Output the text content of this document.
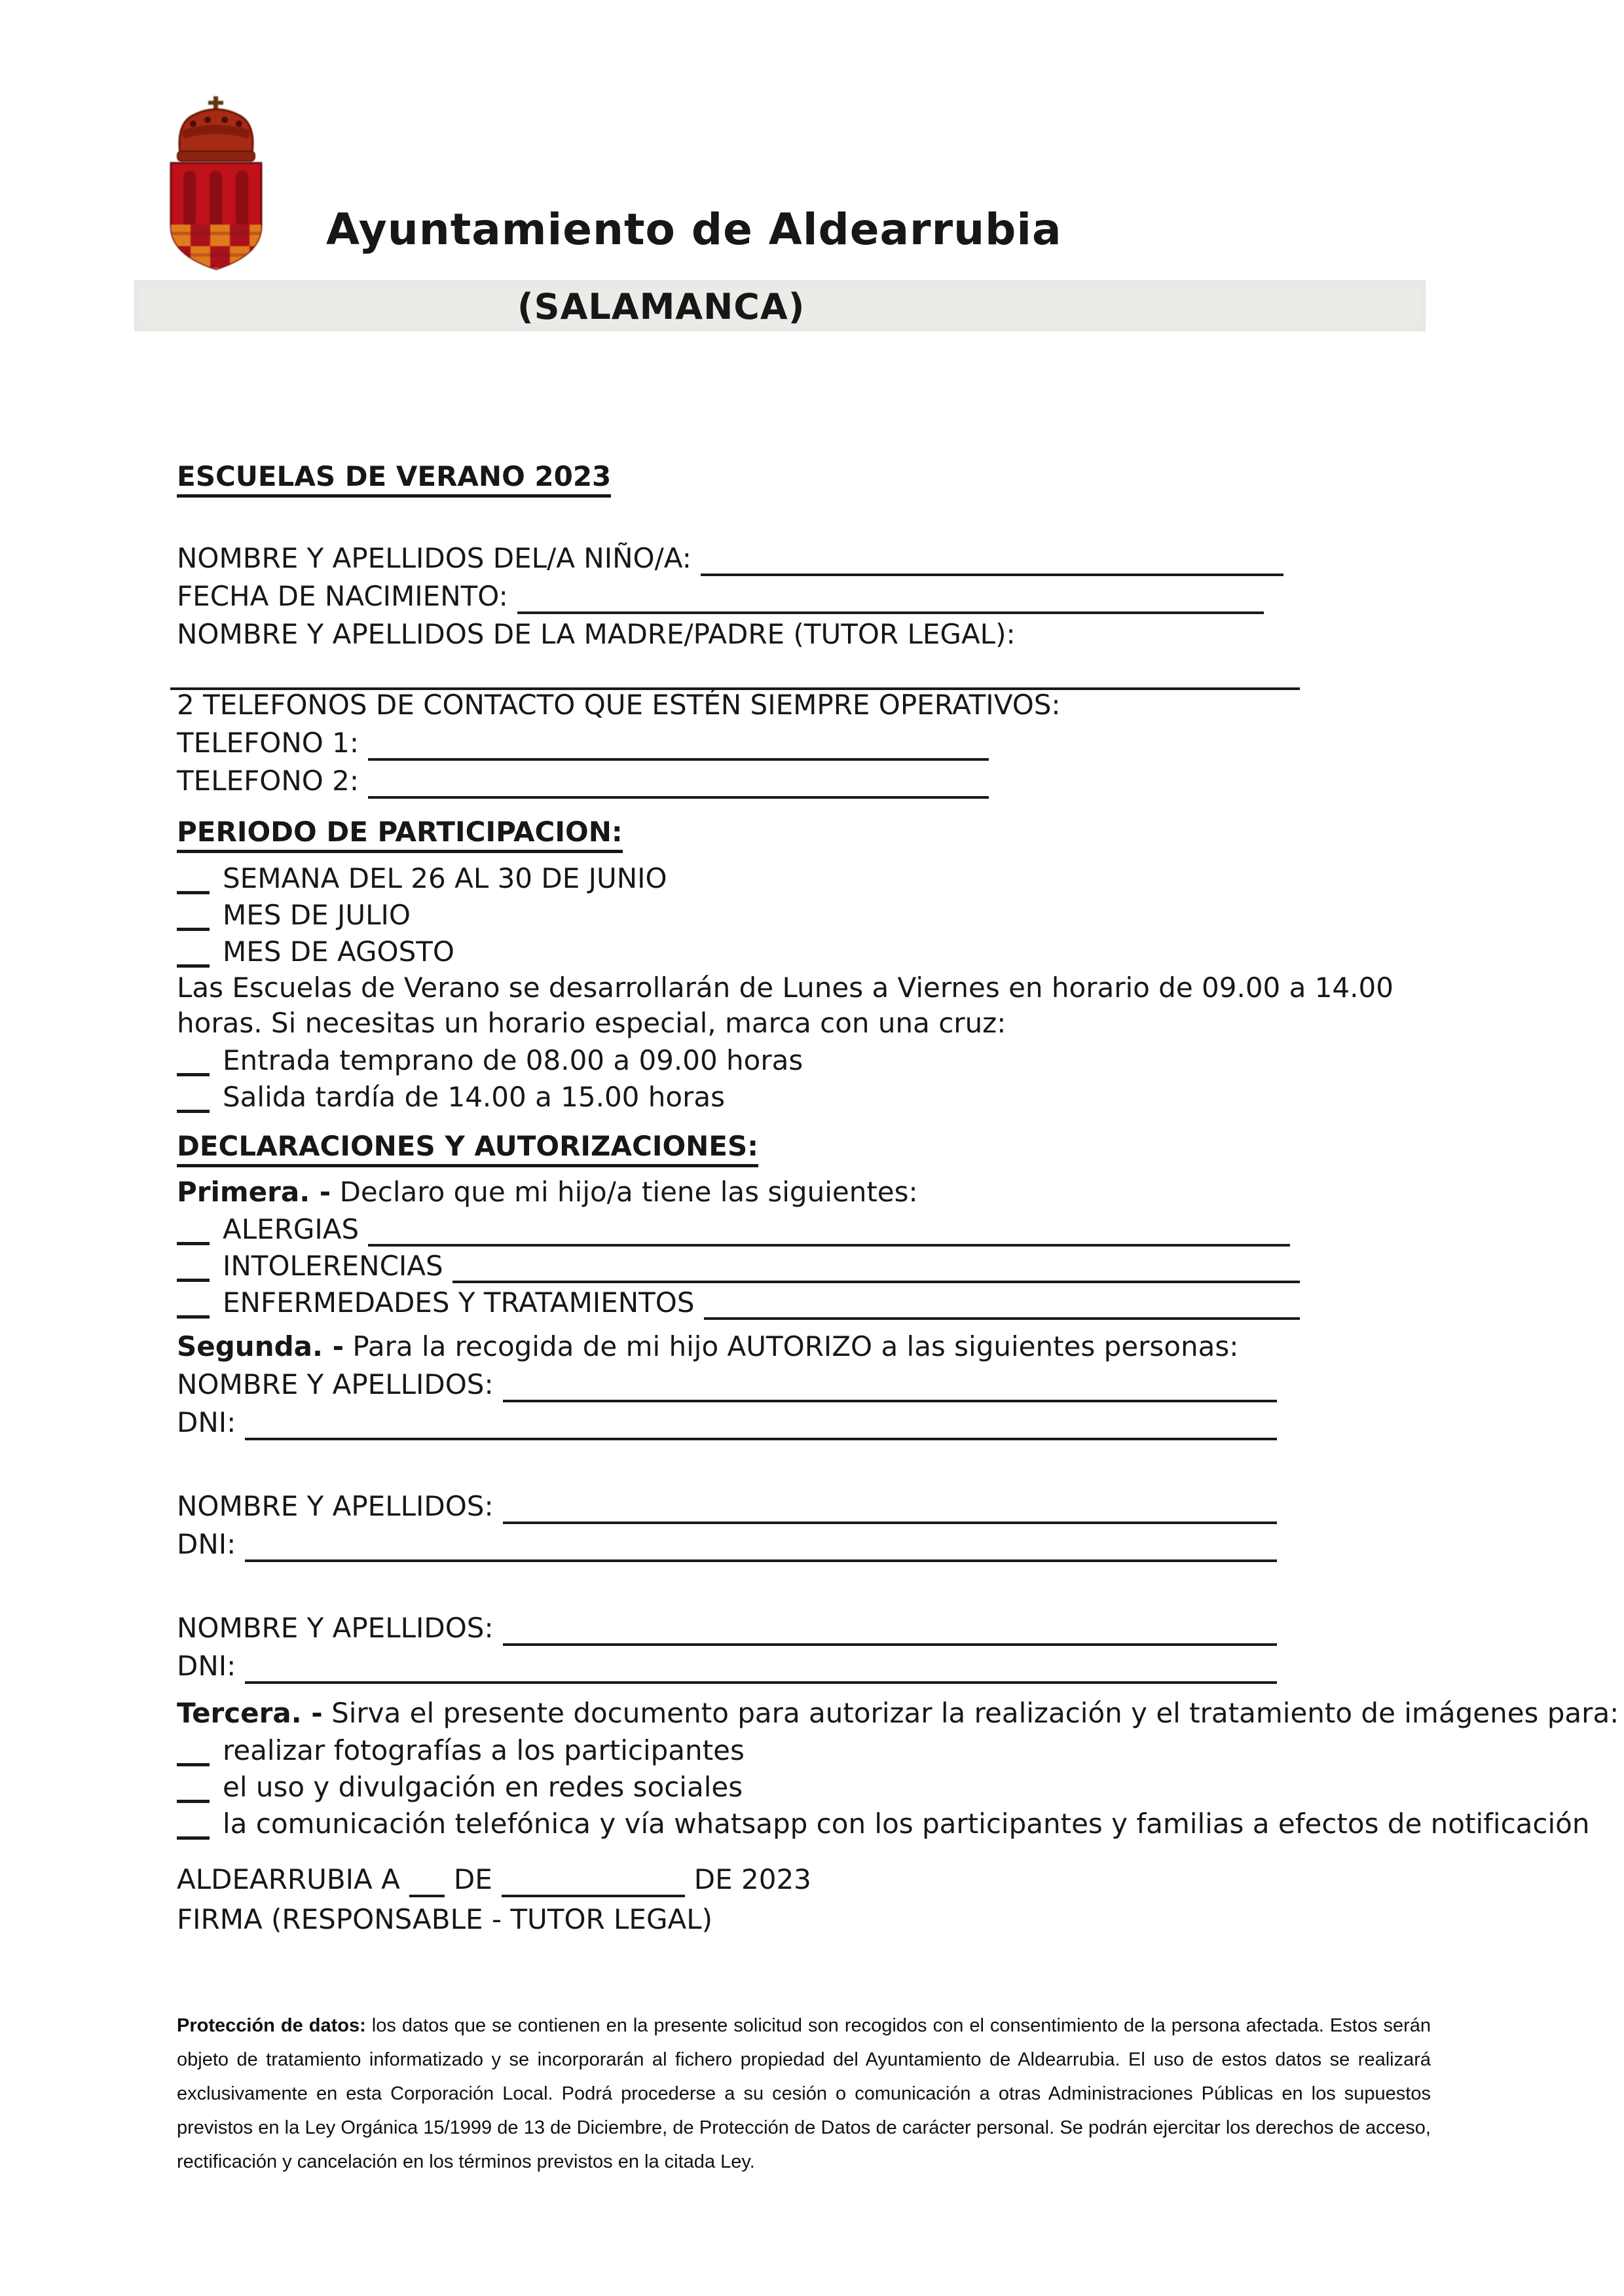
Ayuntamiento de Aldearrubia
(SALAMANCA)
ESCUELAS DE VERANO 2023
NOMBRE Y APELLIDOS DEL/A NIÑO/A:
FECHA DE NACIMIENTO:
NOMBRE Y APELLIDOS DE LA MADRE/PADRE (TUTOR LEGAL):
2 TELEFONOS DE CONTACTO QUE ESTÉN SIEMPRE OPERATIVOS:
TELEFONO 1:
TELEFONO 2:
PERIODO DE PARTICIPACION:
SEMANA DEL 26 AL 30 DE JUNIO
MES DE JULIO
MES DE AGOSTO
Las Escuelas de Verano se desarrollarán de Lunes a Viernes en horario de 09.00 a 14.00 horas. Si necesitas un horario especial, marca con una cruz:
Entrada temprano de 08.00 a 09.00 horas
Salida tardía de 14.00 a 15.00 horas
DECLARACIONES Y AUTORIZACIONES:
Primera. - Declaro que mi hijo/a tiene las siguientes:
ALERGIAS
INTOLERENCIAS
ENFERMEDADES Y TRATAMIENTOS
Segunda. - Para la recogida de mi hijo AUTORIZO a las siguientes personas:
NOMBRE Y APELLIDOS:
DNI:
NOMBRE Y APELLIDOS:
DNI:
NOMBRE Y APELLIDOS:
DNI:
Tercera. - Sirva el presente documento para autorizar la realización y el tratamiento de imágenes para:
realizar fotografías a los participantes
el uso y divulgación en redes sociales
la comunicación telefónica y vía whatsapp con los participantes y familias a efectos de notificación
ALDEARRUBIA A DE	DE 2023
FIRMA (RESPONSABLE - TUTOR LEGAL)
Protección de datos: los datos que se contienen en la presente solicitud son recogidos con el consentimiento de la persona afectada. Estos serán objeto de tratamiento informatizado y se incorporarán al fichero propiedad del Ayuntamiento de Aldearrubia. El uso de estos datos se realizará exclusivamente en esta Corporación Local. Podrá procederse a su cesión o comunicación a otras Administraciones Públicas en los supuestos previstos en la Ley Orgánica 15/1999 de 13 de Diciembre, de Protección de Datos de carácter personal. Se podrán ejercitar los derechos de acceso, rectificación y cancelación en los términos previstos en la citada Ley.
